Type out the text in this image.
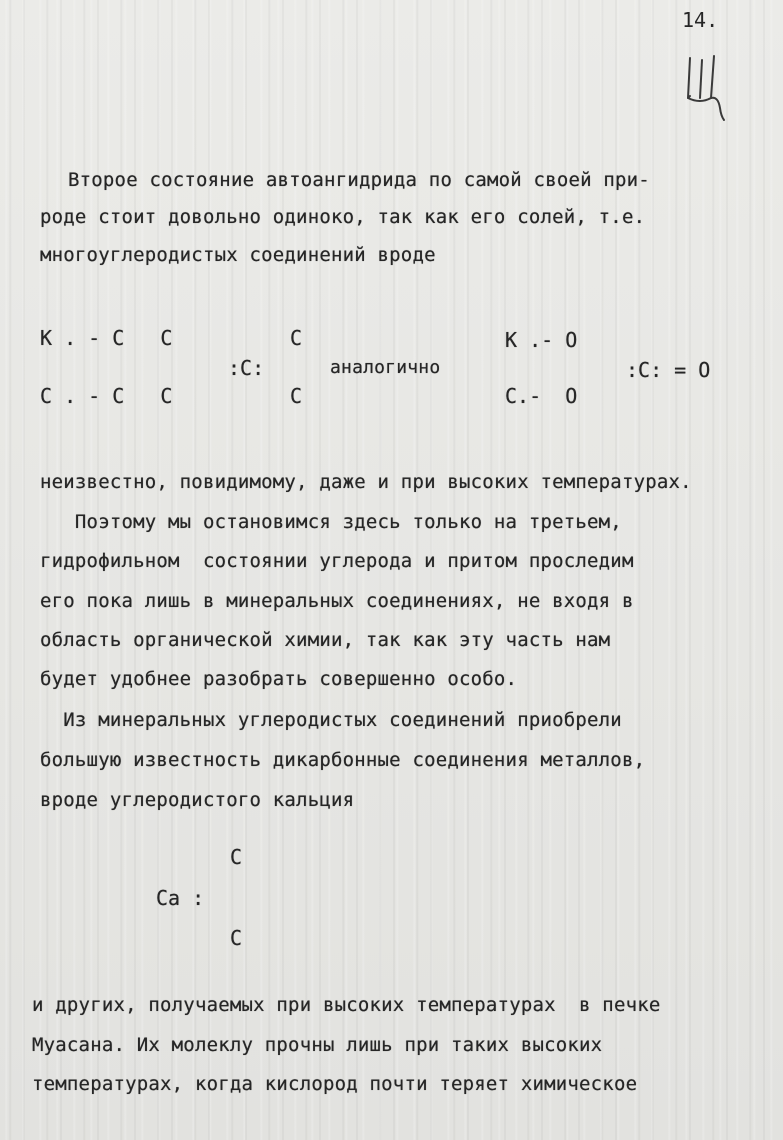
14.
Второе состояние автоангидрида по самой своей при-
роде стоит довольно одиноко, так как его солей, т.е.
многоуглеродистых соединений вроде
К . - С   С
С . - С   С
:С:
С
С
аналогично
К .- О
С.-  О
:С: = О
неизвестно, повидимому, даже и при высоких температурах.
Поэтому мы остановимся здесь только на третьем,
гидрофильном  состоянии углерода и притом проследим
его пока лишь в минеральных соединениях, не входя в
область органической химии, так как эту часть нам
будет удобнее разобрать совершенно особо.
Из минеральных углеродистых соединений приобрели
большую известность дикарбонные соединения металлов,
вроде углеродистого кальция
С
Са :
С
и других, получаемых при высоких температурах  в печке
Муасана. Их молеклу прочны лишь при таких высоких
температурах, когда кислород почти теряет химическое
